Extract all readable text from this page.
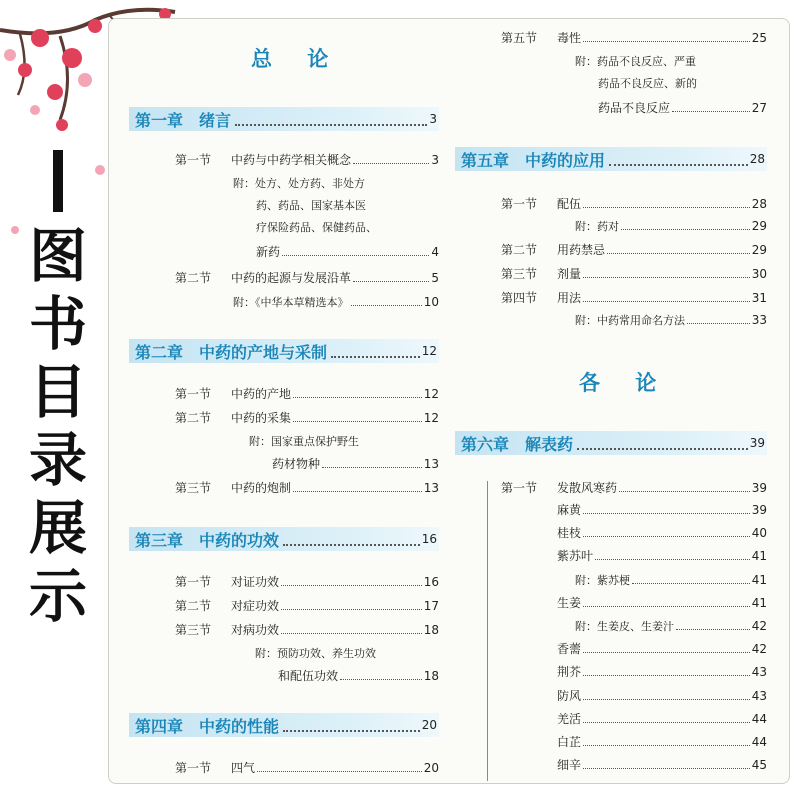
图
书
目
录
展
示
总 论
第一章　绪言	3
第一节	中药与中药学相关概念	3
附：处方、处方药、非处方
药、药品、国家基本医
疗保险药品、保健药品、
新药	4
第二节	中药的起源与发展沿革	5
附：《中华本草精选本》	10
第二章　中药的产地与采制	12
第一节	中药的产地	12
第二节	中药的采集	12
附：国家重点保护野生
药材物种	13
第三节	中药的炮制	13
第三章　中药的功效	16
第一节	对证功效	16
第二节	对症功效	17
第三节	对病功效	18
附：预防功效、养生功效
和配伍功效	18
第四章　中药的性能	20
第一节	四气	20
第五节	毒性	25
附：药品不良反应、严重
药品不良反应、新的
药品不良反应	27
第五章　中药的应用	28
第一节	配伍	28
附：药对	29
第二节	用药禁忌	29
第三节	剂量	30
第四节	用法	31
附：中药常用命名方法	33
各 论
第六章　解表药	39
第一节	发散风寒药	39
麻黄	39
桂枝	40
紫苏叶	41
附：紫苏梗	41
生姜	41
附：生姜皮、生姜汁	42
香薷	42
荆芥	43
防风	43
羌活	44
白芷	44
细辛	45
